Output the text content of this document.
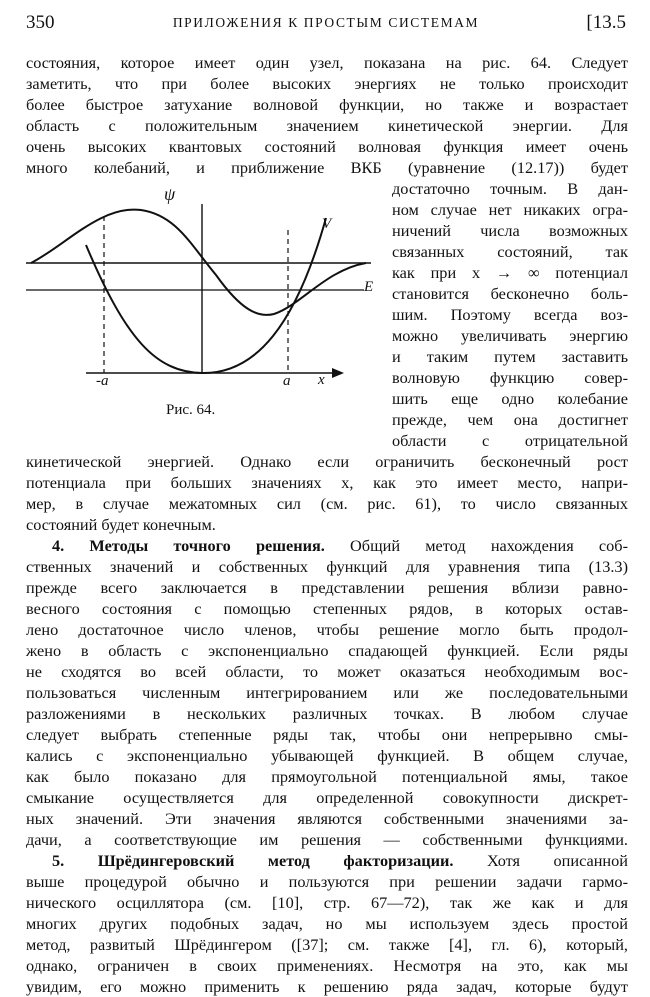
350	ПРИЛОЖЕНИЯ К ПРОСТЫМ СИСТЕМАМ	[13.5
состояния, которое имеет один узел, показана на рис. 64. Следует
заметить, что при более высоких энергиях не только происходит
более быстрое затухание волновой функции, но также и возрастает
область с положительным значением кинетической энергии. Для
очень высоких квантовых состояний волновая функция имеет очень
много колебаний, и приближение ВКБ (уравнение (12.17)) будет
достаточно точным. В дан-
ном случае нет никаких огра-
ничений числа возможных
связанных состояний, так
как при x → ∞ потенциал
становится бесконечно боль-
шим. Поэтому всегда воз-
можно увеличивать энергию
и таким путем заставить
волновую функцию совер-
шить еще одно колебание
прежде, чем она достигнет
области с отрицательной
ψ
V
E
-a	a x
Рис. 64.
кинетической энергией. Однако если ограничить бесконечный рост
потенциала при больших значениях x, как это имеет место, напри-
мер, в случае межатомных сил (см. рис. 61), то число связанных
состояний будет конечным.
4. Методы точного решения. Общий метод нахождения соб-
ственных значений и собственных функций для уравнения типа (13.3)
прежде всего заключается в представлении решения вблизи равно-
весного состояния с помощью степенных рядов, в которых остав-
лено достаточное число членов, чтобы решение могло быть продол-
жено в область с экспоненциально спадающей функцией. Если ряды
не сходятся во всей области, то может оказаться необходимым вос-
пользоваться численным интегрированием или же последовательными
разложениями в нескольких различных точках. В любом случае
следует выбрать степенные ряды так, чтобы они непрерывно смы-
кались с экспоненциально убывающей функцией. В общем случае,
как было показано для прямоугольной потенциальной ямы, такое
смыкание осуществляется для определенной совокупности дискрет-
ных значений. Эти значения являются собственными значениями за-
дачи, а соответствующие им решения — собственными функциями.
5. Шрёдингеровский метод факторизации. Хотя описанной
выше процедурой обычно и пользуются при решении задачи гармо-
нического осциллятора (см. [10], стр. 67—72), так же как и для
многих других подобных задач, но мы используем здесь простой
метод, развитый Шрёдингером ([37]; см. также [4], гл. 6), который,
однако, ограничен в своих применениях. Несмотря на это, как мы
увидим, его можно применить к решению ряда задач, которые будут
